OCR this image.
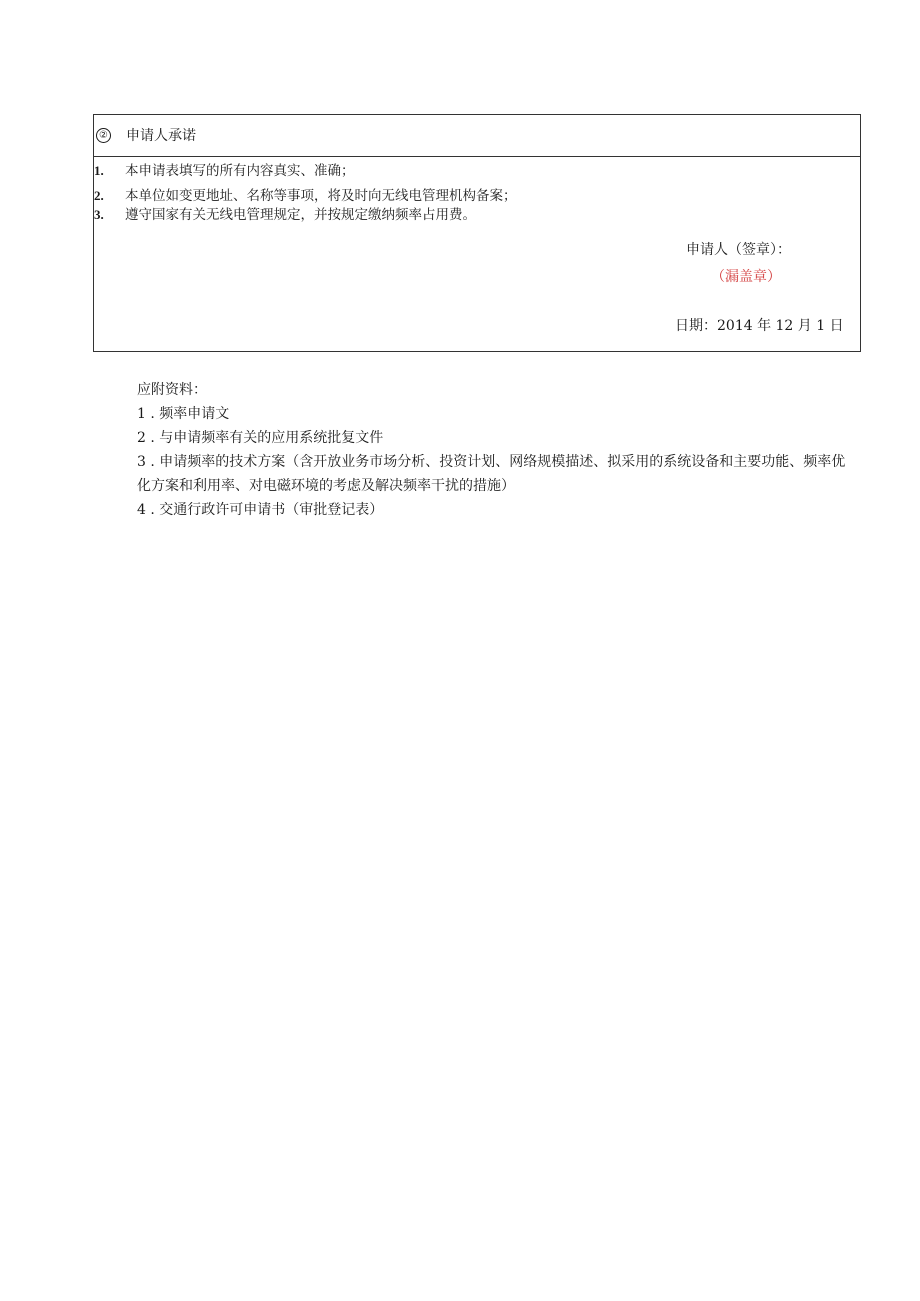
② 申请人承诺
1. 本申请表填写的所有内容真实、准确；
2. 本单位如变更地址、名称等事项，将及时向无线电管理机构备案；
3. 遵守国家有关无线电管理规定，并按规定缴纳频率占用费。
申请人（签章）：
（漏盖章）
日期：2014 年 12 月 1 日
应附资料：
1 . 频率申请文
2 . 与申请频率有关的应用系统批复文件
3 . 申请频率的技术方案（含开放业务市场分析、投资计划、网络规模描述、拟采用的系统设备和主要功能、频率优化方案和利用率、对电磁环境的考虑及解决频率干扰的措施）
4 . 交通行政许可申请书（审批登记表）
